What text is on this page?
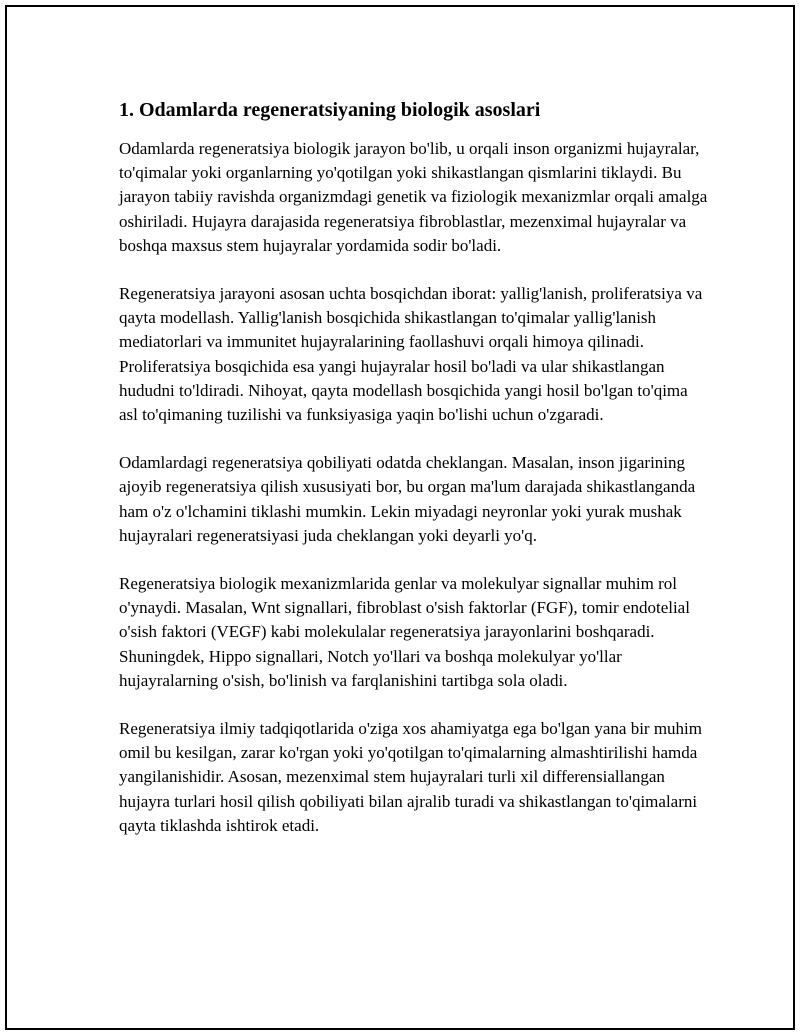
1. Odamlarda regeneratsiyaning biologik asoslari

Odamlarda regeneratsiya biologik jarayon bo'lib, u orqali inson organizmi hujayralar, to'qimalar yoki organlarning yo'qotilgan yoki shikastlangan qismlarini tiklaydi. Bu jarayon tabiiy ravishda organizmdagi genetik va fiziologik mexanizmlar orqali amalga oshiriladi. Hujayra darajasida regeneratsiya fibroblastlar, mezenximal hujayralar va boshqa maxsus stem hujayralar yordamida sodir bo'ladi.

Regeneratsiya jarayoni asosan uchta bosqichdan iborat: yallig'lanish, proliferatsiya va qayta modellash. Yallig'lanish bosqichida shikastlangan to'qimalar yallig'lanish mediatorlari va immunitet hujayralarining faollashuvi orqali himoya qilinadi. Proliferatsiya bosqichida esa yangi hujayralar hosil bo'ladi va ular shikastlangan hududni to'ldiradi. Nihoyat, qayta modellash bosqichida yangi hosil bo'lgan to'qima asl to'qimaning tuzilishi va funksiyasiga yaqin bo'lishi uchun o'zgaradi.

Odamlardagi regeneratsiya qobiliyati odatda cheklangan. Masalan, inson jigarining ajoyib regeneratsiya qilish xususiyati bor, bu organ ma'lum darajada shikastlanganda ham o'z o'lchamini tiklashi mumkin. Lekin miyadagi neyronlar yoki yurak mushak hujayralari regeneratsiyasi juda cheklangan yoki deyarli yo'q.

Regeneratsiya biologik mexanizmlarida genlar va molekulyar signallar muhim rol o'ynaydi. Masalan, Wnt signallari, fibroblast o'sish faktorlar (FGF), tomir endotelial o'sish faktori (VEGF) kabi molekulalar regeneratsiya jarayonlarini boshqaradi. Shuningdek, Hippo signallari, Notch yo'llari va boshqa molekulyar yo'llar hujayralarning o'sish, bo'linish va farqlanishini tartibga sola oladi.

Regeneratsiya ilmiy tadqiqotlarida o'ziga xos ahamiyatga ega bo'lgan yana bir muhim omil bu kesilgan, zarar ko'rgan yoki yo'qotilgan to'qimalarning almashtirilishi hamda yangilanishidir. Asosan, mezenximal stem hujayralari turli xil differensiallangan hujayra turlari hosil qilish qobiliyati bilan ajralib turadi va shikastlangan to'qimalarni qayta tiklashda ishtirok etadi.
